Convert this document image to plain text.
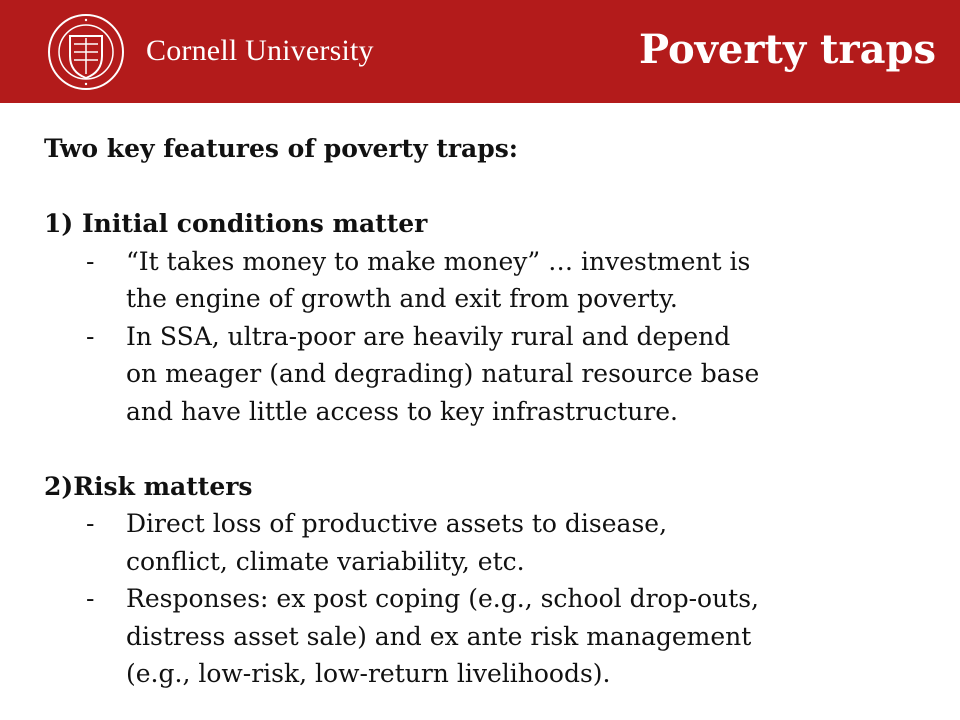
Cornell University	Poverty traps

Two key features of poverty traps:

1)
Initial conditions matter
-	“It takes money to make money” … investment is
the engine of growth and exit from poverty.
-	In SSA, ultra-poor are heavily rural and depend
on meager (and degrading) natural resource base
and have little access to key infrastructure.
2) Risk matters
-	Direct loss of productive assets to disease,
conflict, climate variability, etc.
-	Responses: ex post coping (e.g., school drop-outs,
distress asset sale) and ex ante risk management
(e.g., low-risk, low-return livelihoods).
